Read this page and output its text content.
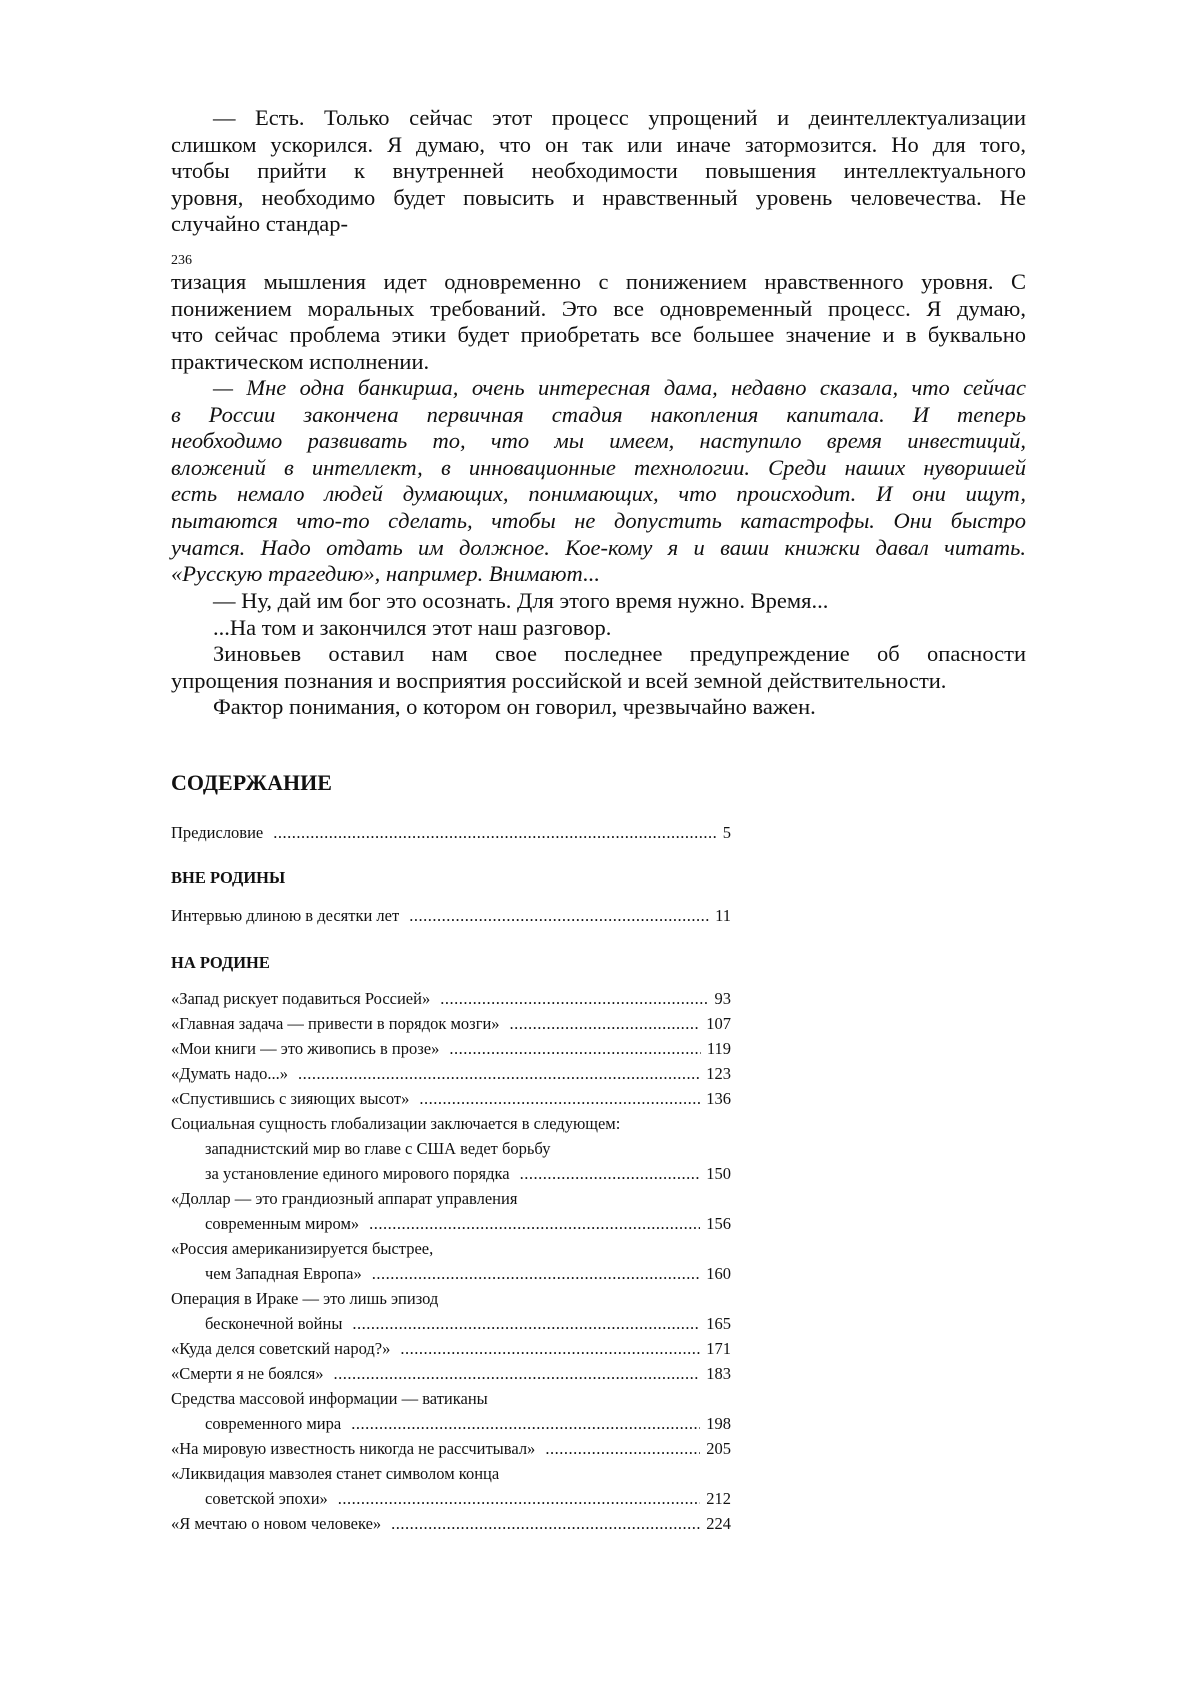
— Есть. Только сейчас этот процесс упрощений и деинтеллектуализации
слишком ускорился. Я думаю, что он так или иначе затормозится. Но для того,
чтобы прийти к внутренней необходимости повышения интеллектуального
уровня, необходимо будет повысить и нравственный уровень человечества. Не
случайно стандар-
236
тизация мышления идет одновременно с понижением нравственного уровня. С
понижением моральных требований. Это все одновременный процесс. Я думаю,
что сейчас проблема этики будет приобретать все большее значение и в буквально
практическом исполнении.
— Мне одна банкирша, очень интересная дама, недавно сказала, что сейчас
в России закончена первичная стадия накопления капитала. И теперь
необходимо развивать то, что мы имеем, наступило время инвестиций,
вложений в интеллект, в инновационные технологии. Среди наших нуворишей
есть немало людей думающих, понимающих, что происходит. И они ищут,
пытаются что-то сделать, чтобы не допустить катастрофы. Они быстро
учатся. Надо отдать им должное. Кое-кому я и ваши книжки давал читать.
«Русскую трагедию», например. Внимают...
— Ну, дай им бог это осознать. Для этого время нужно. Время...
...На том и закончился этот наш разговор.
Зиновьев оставил нам свое последнее предупреждение об опасности
упрощения познания и восприятия российской и всей земной действительности.
Фактор понимания, о котором он говорил, чрезвычайно важен.
СОДЕРЖАНИЕ
Предисловие .....	5
ВНЕ РОДИНЫ
Интервью длиною в десятки лет .....	11
НА РОДИНЕ
«Запад рискует подавиться Россией» .....	93
«Главная задача — привести в порядок мозги» .....	107
«Мои книги — это живопись в прозе» .....	119
«Думать надо...» .....	123
«Спустившись с зияющих высот» .....	136
Социальная сущность глобализации заключается в следующем:
западнистский мир во главе с США ведет борьбу
за установление единого мирового порядка .....	150
«Доллар — это грандиозный аппарат управления
современным миром» .....	156
«Россия американизируется быстрее,
чем Западная Европа» .....	160
Операция в Ираке — это лишь эпизод
бесконечной войны .....	165
«Куда делся советский народ?» .....	171
«Смерти я не боялся» .....	183
Средства массовой информации — ватиканы
современного мира .....	198
«На мировую известность никогда не рассчитывал» .....	205
«Ликвидация мавзолея станет символом конца
советской эпохи» .....	212
«Я мечтаю о новом человеке» .....	224
